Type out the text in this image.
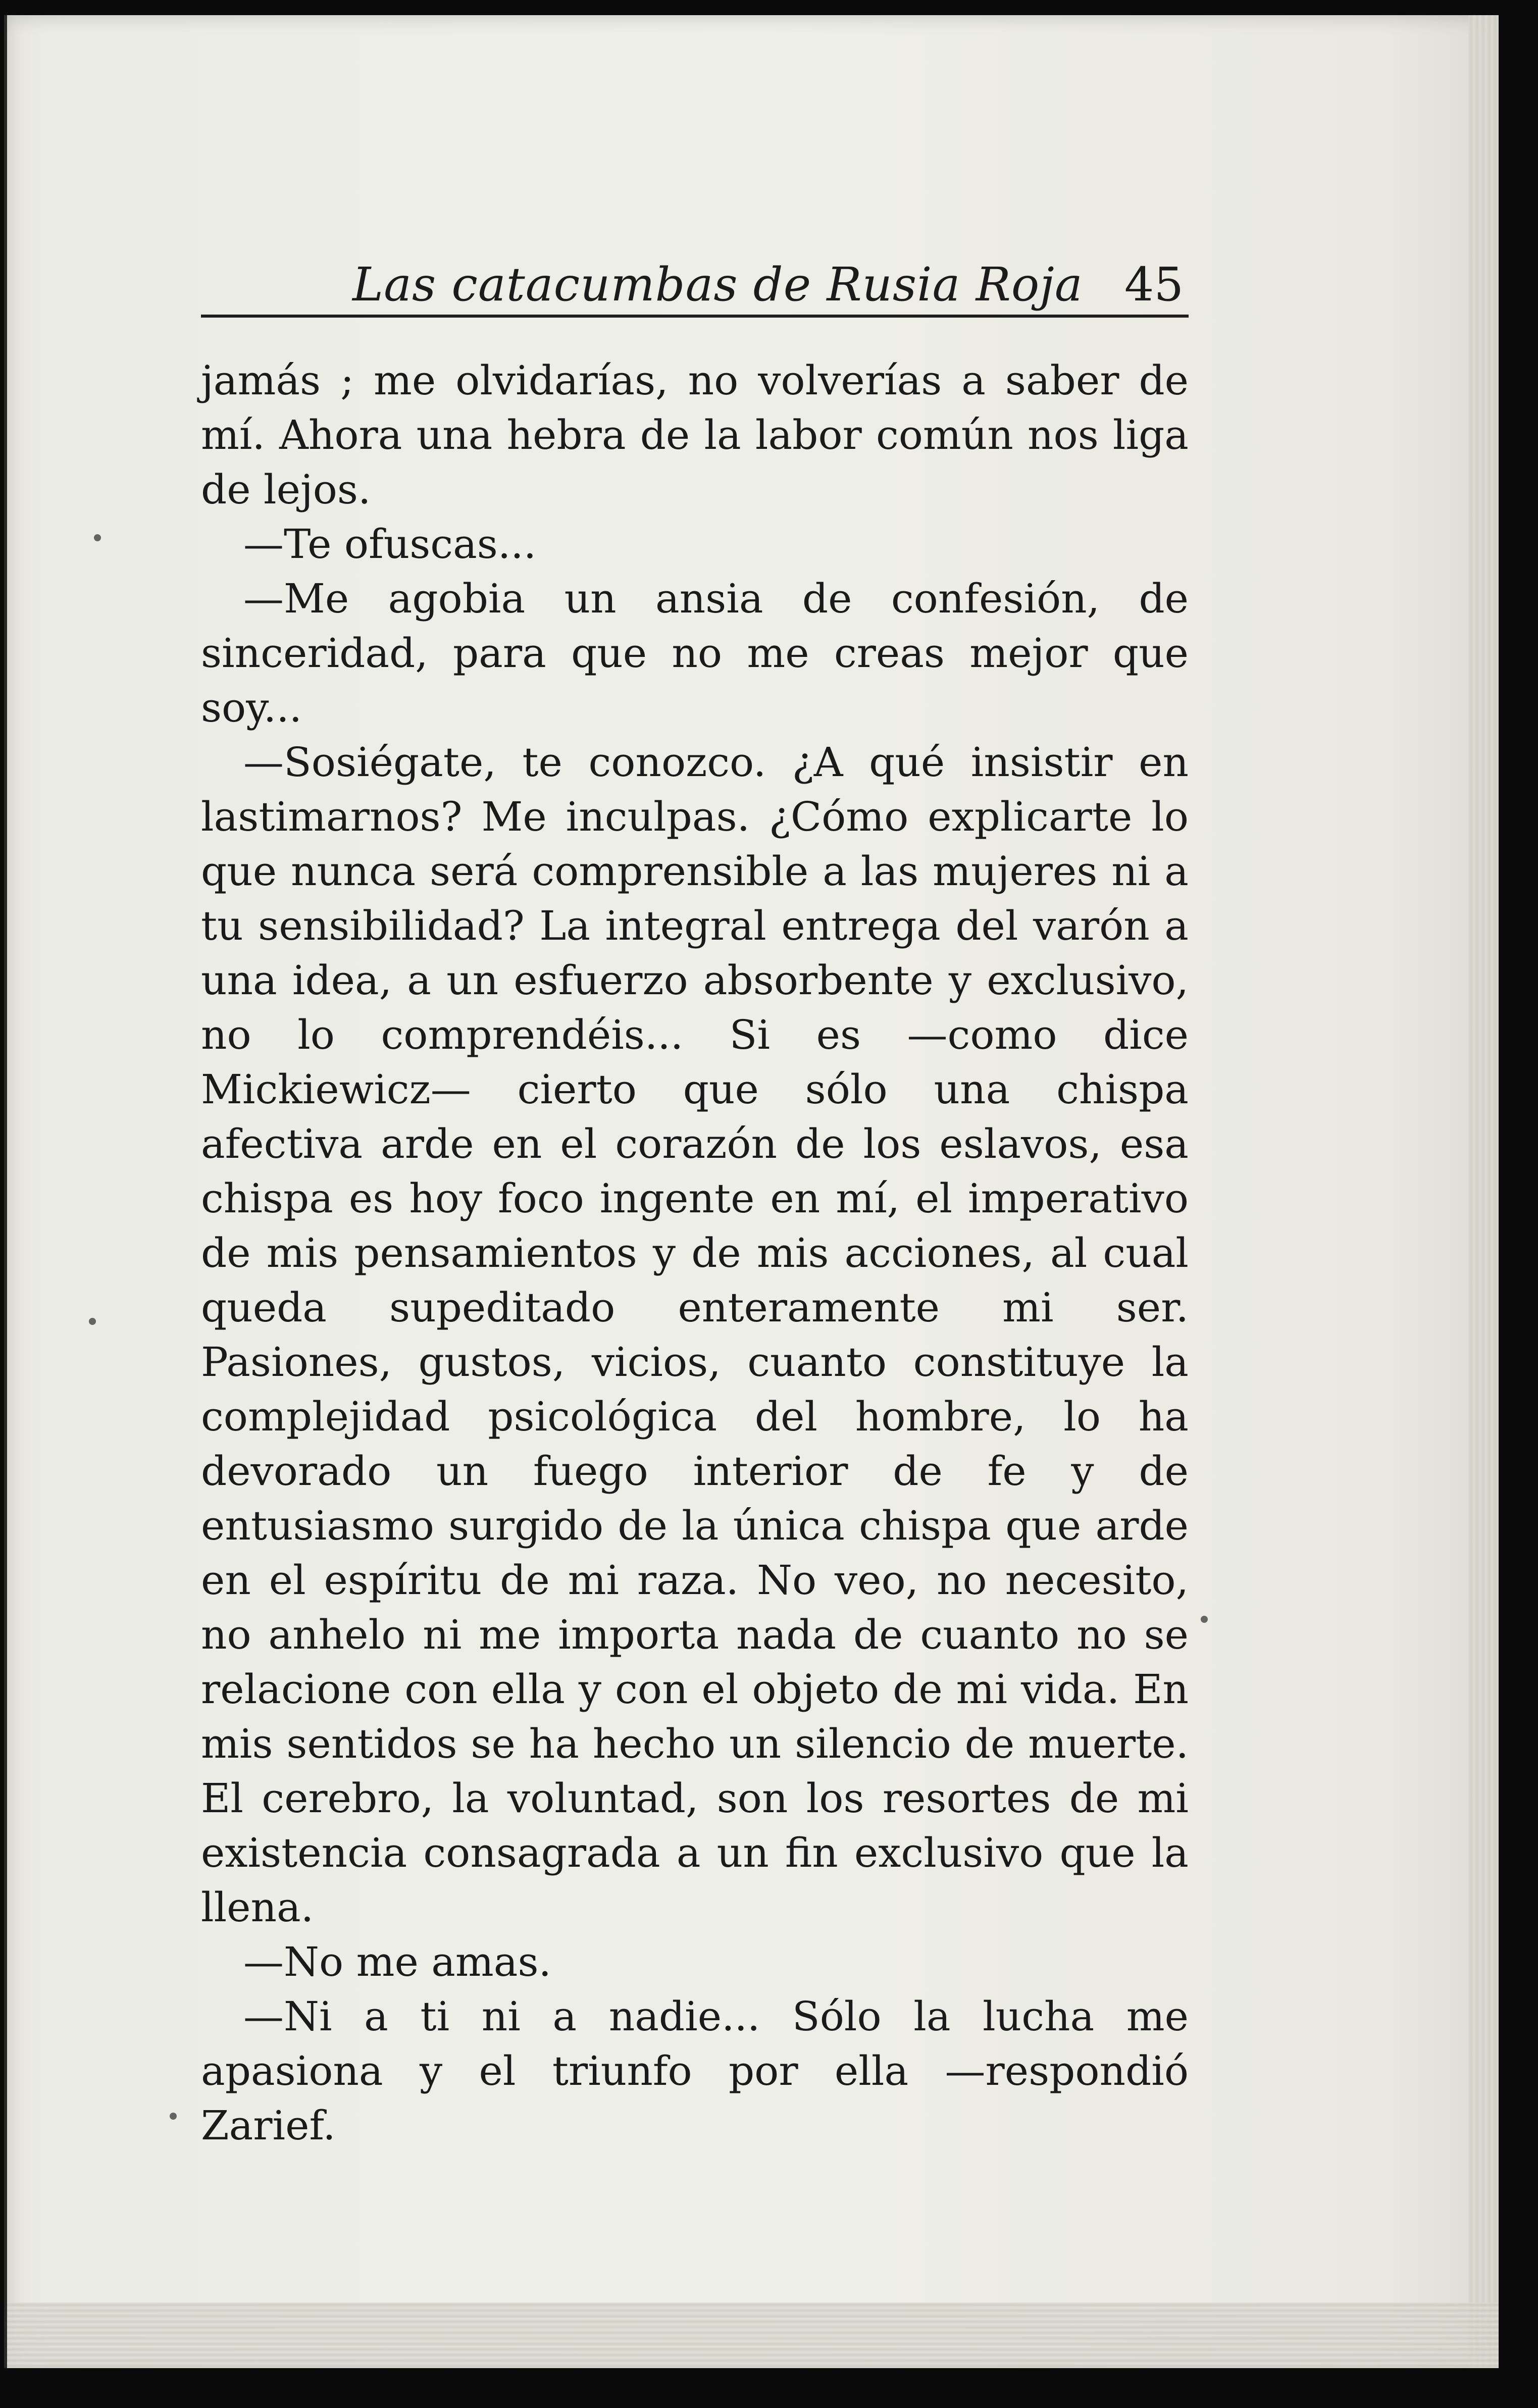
Las catacumbas de Rusia Roja 45

jamás ; me olvidarías, no volverías a saber de mí. Ahora una hebra de la labor común nos liga de lejos.

—Te ofuscas...

—Me agobia un ansia de confesión, de sinceridad, para que no me creas mejor que soy...

—Sosiégate, te conozco. ¿A qué insistir en lastimarnos? Me inculpas. ¿Cómo explicarte lo que nunca será comprensible a las mujeres ni a tu sensibilidad? La integral entrega del varón a una idea, a un esfuerzo absorbente y exclusivo, no lo comprendéis... Si es —como dice Mickiewicz— cierto que sólo una chispa afectiva arde en el corazón de los eslavos, esa chispa es hoy foco ingente en mí, el imperativo de mis pensamientos y de mis acciones, al cual queda supeditado enteramente mi ser. Pasiones, gustos, vicios, cuanto constituye la complejidad psicológica del hombre, lo ha devorado un fuego interior de fe y de entusiasmo surgido de la única chispa que arde en el espíritu de mi raza. No veo, no necesito, no anhelo ni me importa nada de cuanto no se relacione con ella y con el objeto de mi vida. En mis sentidos se ha hecho un silencio de muerte. El cerebro, la voluntad, son los resortes de mi existencia consagrada a un fin exclusivo que la llena.

—No me amas.

—Ni a ti ni a nadie... Sólo la lucha me apasiona y el triunfo por ella —respondió Zarief.
